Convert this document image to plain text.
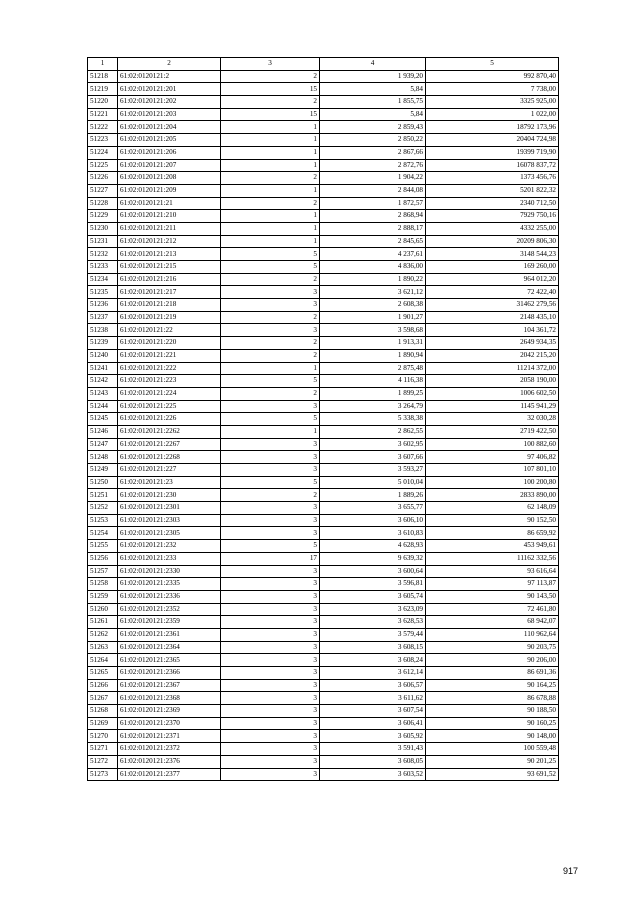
1	2	3	4	5
51218	61:02:0120121:2	2	1 939,20	992 870,40
51219	61:02:0120121:201	15	5,84	7 738,00
51220	61:02:0120121:202	2	1 855,75	3325 925,00
51221	61:02:0120121:203	15	5,84	1 022,00
51222	61:02:0120121:204	1	2 859,43	18792 173,96
51223	61:02:0120121:205	1	2 850,22	20404 724,98
51224	61:02:0120121:206	1	2 867,66	19399 719,90
51225	61:02:0120121:207	1	2 872,76	16078 837,72
51226	61:02:0120121:208	2	1 904,22	1373 456,76
51227	61:02:0120121:209	1	2 844,08	5201 822,32
51228	61:02:0120121:21	2	1 872,57	2340 712,50
51229	61:02:0120121:210	1	2 868,94	7929 750,16
51230	61:02:0120121:211	1	2 888,17	4332 255,00
51231	61:02:0120121:212	1	2 845,65	20209 806,30
51232	61:02:0120121:213	5	4 237,61	3148 544,23
51233	61:02:0120121:215	5	4 836,00	169 260,00
51234	61:02:0120121:216	2	1 890,22	964 012,20
51235	61:02:0120121:217	3	3 621,12	72 422,40
51236	61:02:0120121:218	3	2 608,38	31462 279,56
51237	61:02:0120121:219	2	1 901,27	2148 435,10
51238	61:02:0120121:22	3	3 598,68	104 361,72
51239	61:02:0120121:220	2	1 913,31	2649 934,35
51240	61:02:0120121:221	2	1 890,94	2042 215,20
51241	61:02:0120121:222	1	2 875,48	11214 372,00
51242	61:02:0120121:223	5	4 116,38	2058 190,00
51243	61:02:0120121:224	2	1 899,25	1006 602,50
51244	61:02:0120121:225	3	3 264,79	1145 941,29
51245	61:02:0120121:226	5	5 338,38	32 030,28
51246	61:02:0120121:2262	1	2 862,55	2719 422,50
51247	61:02:0120121:2267	3	3 602,95	100 882,60
51248	61:02:0120121:2268	3	3 607,66	97 406,82
51249	61:02:0120121:227	3	3 593,27	107 801,10
51250	61:02:0120121:23	5	5 010,04	100 200,80
51251	61:02:0120121:230	2	1 889,26	2833 890,00
51252	61:02:0120121:2301	3	3 655,77	62 148,09
51253	61:02:0120121:2303	3	3 606,10	90 152,50
51254	61:02:0120121:2305	3	3 610,83	86 659,92
51255	61:02:0120121:232	5	4 628,93	453 949,61
51256	61:02:0120121:233	17	9 639,32	11162 332,56
51257	61:02:0120121:2330	3	3 600,64	93 616,64
51258	61:02:0120121:2335	3	3 596,81	97 113,87
51259	61:02:0120121:2336	3	3 605,74	90 143,50
51260	61:02:0120121:2352	3	3 623,09	72 461,80
51261	61:02:0120121:2359	3	3 628,53	68 942,07
51262	61:02:0120121:2361	3	3 579,44	110 962,64
51263	61:02:0120121:2364	3	3 608,15	90 203,75
51264	61:02:0120121:2365	3	3 608,24	90 206,00
51265	61:02:0120121:2366	3	3 612,14	86 691,36
51266	61:02:0120121:2367	3	3 606,57	90 164,25
51267	61:02:0120121:2368	3	3 611,62	86 678,88
51268	61:02:0120121:2369	3	3 607,54	90 188,50
51269	61:02:0120121:2370	3	3 606,41	90 160,25
51270	61:02:0120121:2371	3	3 605,92	90 148,00
51271	61:02:0120121:2372	3	3 591,43	100 559,48
51272	61:02:0120121:2376	3	3 608,05	90 201,25
51273	61:02:0120121:2377	3	3 603,52	93 691,52
917
